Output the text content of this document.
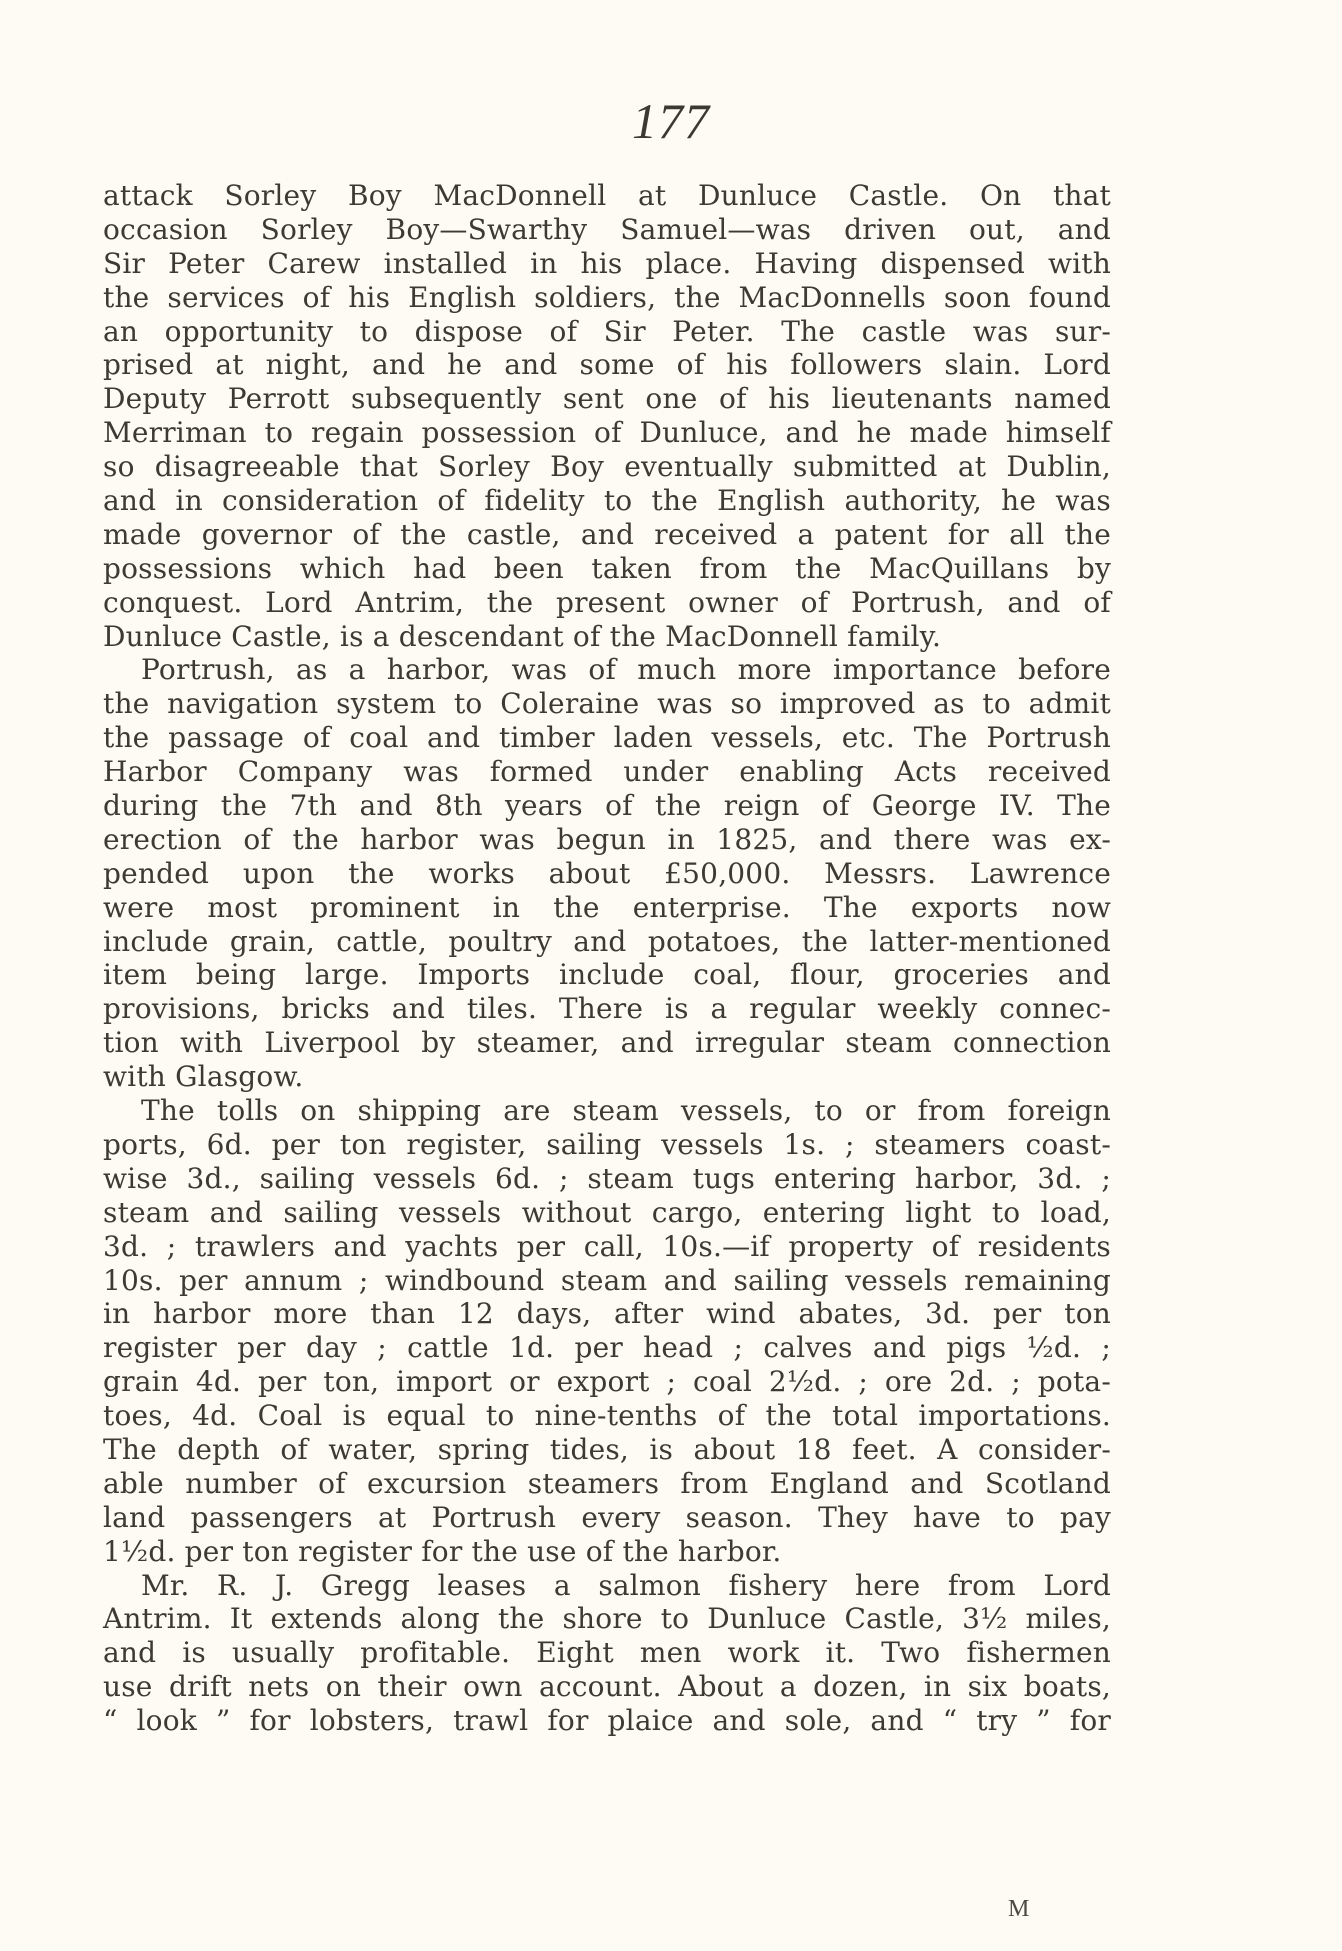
177
attack Sorley Boy MacDonnell at Dunluce Castle. On that
occasion Sorley Boy—Swarthy Samuel—was driven out, and
Sir Peter Carew installed in his place. Having dispensed with
the services of his English soldiers, the MacDonnells soon found
an opportunity to dispose of Sir Peter. The castle was sur-
prised at night, and he and some of his followers slain. Lord
Deputy Perrott subsequently sent one of his lieutenants named
Merriman to regain possession of Dunluce, and he made himself
so disagreeable that Sorley Boy eventually submitted at Dublin,
and in consideration of fidelity to the English authority, he was
made governor of the castle, and received a patent for all the
possessions which had been taken from the MacQuillans by
conquest. Lord Antrim, the present owner of Portrush, and of
Dunluce Castle, is a descendant of the MacDonnell family.
Portrush, as a harbor, was of much more importance before
the navigation system to Coleraine was so improved as to admit
the passage of coal and timber laden vessels, etc. The Portrush
Harbor Company was formed under enabling Acts received
during the 7th and 8th years of the reign of George IV. The
erection of the harbor was begun in 1825, and there was ex-
pended upon the works about £50,000. Messrs. Lawrence
were most prominent in the enterprise. The exports now
include grain, cattle, poultry and potatoes, the latter-mentioned
item being large. Imports include coal, flour, groceries and
provisions, bricks and tiles. There is a regular weekly connec-
tion with Liverpool by steamer, and irregular steam connection
with Glasgow.
The tolls on shipping are steam vessels, to or from foreign
ports, 6d. per ton register, sailing vessels 1s. ; steamers coast-
wise 3d., sailing vessels 6d. ; steam tugs entering harbor, 3d. ;
steam and sailing vessels without cargo, entering light to load,
3d. ; trawlers and yachts per call, 10s.—if property of residents
10s. per annum ; windbound steam and sailing vessels remaining
in harbor more than 12 days, after wind abates, 3d. per ton
register per day ; cattle 1d. per head ; calves and pigs ½d. ;
grain 4d. per ton, import or export ; coal 2½d. ; ore 2d. ; pota-
toes, 4d. Coal is equal to nine-tenths of the total importations.
The depth of water, spring tides, is about 18 feet. A consider-
able number of excursion steamers from England and Scotland
land passengers at Portrush every season. They have to pay
1½d. per ton register for the use of the harbor.
Mr. R. J. Gregg leases a salmon fishery here from Lord
Antrim. It extends along the shore to Dunluce Castle, 3½ miles,
and is usually profitable. Eight men work it. Two fishermen
use drift nets on their own account. About a dozen, in six boats,
“ look ” for lobsters, trawl for plaice and sole, and “ try ” for
M
